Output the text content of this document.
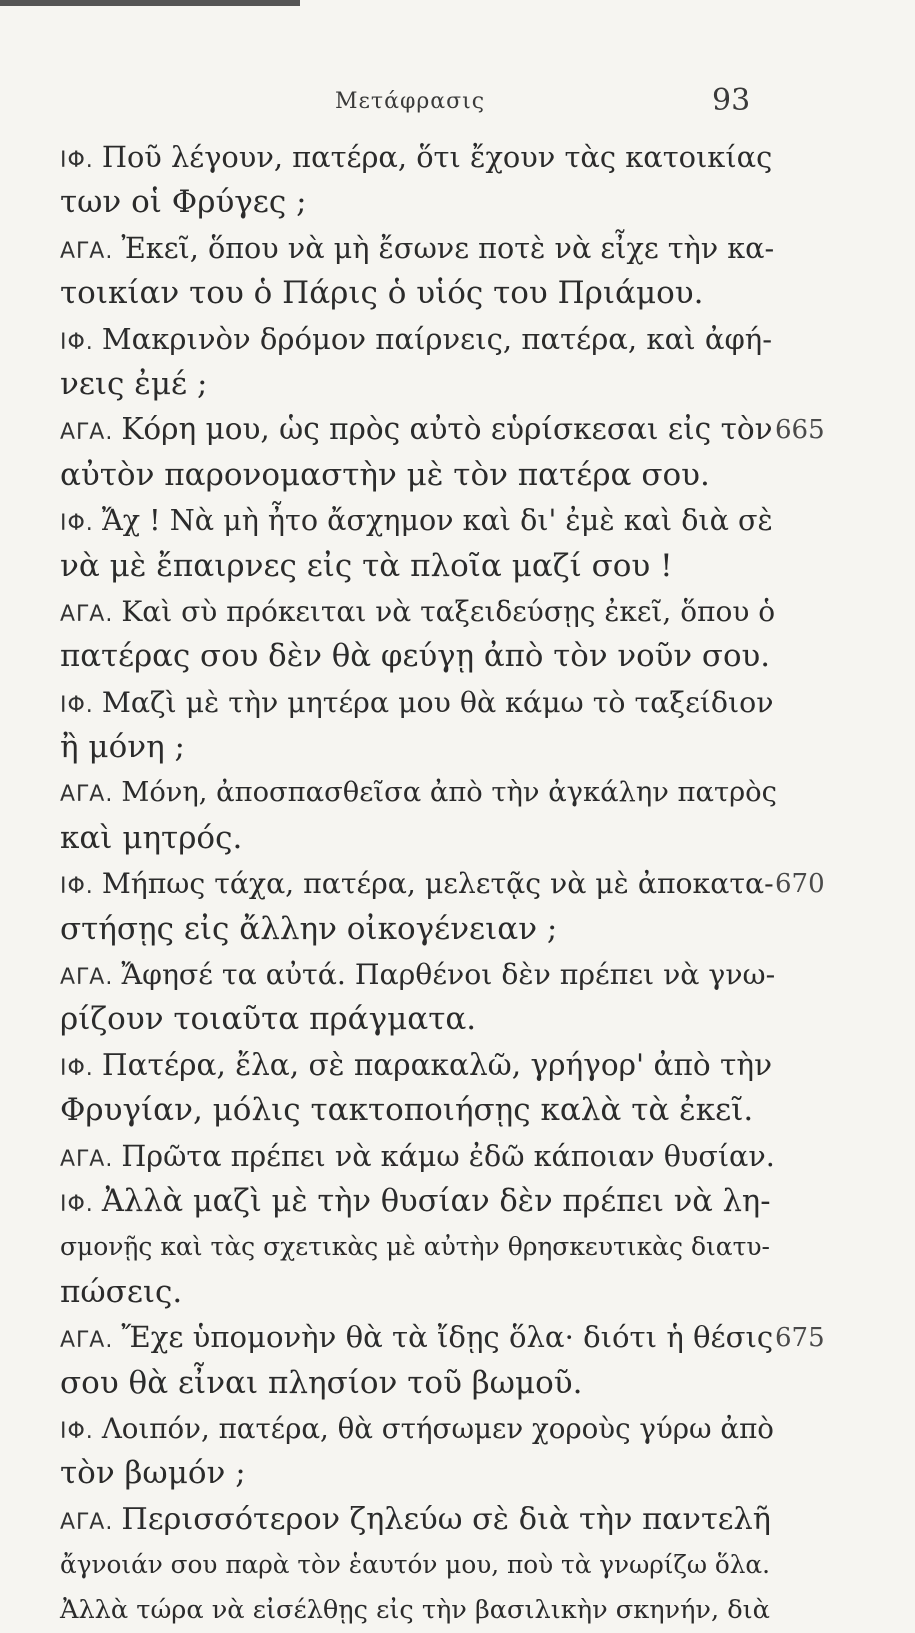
Μετάφρασις	93
ΙΦ. Ποῦ λέγουν, πατέρα, ὅτι ἔχουν τὰς κατοικίας
των οἱ Φρύγες ;
ΑΓΑ. Ἐκεῖ, ὅπου νὰ μὴ ἔσωνε ποτὲ νὰ εἶχε τὴν κα-
τοικίαν του ὁ Πάρις ὁ υἱός του Πριάμου.
ΙΦ. Μακρινὸν δρόμον παίρνεις, πατέρα, καὶ ἀφή-
νεις ἐμέ ;
ΑΓΑ. Κόρη μου, ὡς πρὸς αὐτὸ εὑρίσκεσαι εἰς τὸν
αὐτὸν παρονομαστὴν μὲ τὸν πατέρα σου.
ΙΦ. Ἄχ ! Νὰ μὴ ἦτο ἄσχημον καὶ δι' ἐμὲ καὶ διὰ σὲ
νὰ μὲ ἔπαιρνες εἰς τὰ πλοῖα μαζί σου !
ΑΓΑ. Καὶ σὺ πρόκειται νὰ ταξειδεύσῃς ἐκεῖ, ὅπου ὁ
πατέρας σου δὲν θὰ φεύγῃ ἀπὸ τὸν νοῦν σου.
ΙΦ. Μαζὶ μὲ τὴν μητέρα μου θὰ κάμω τὸ ταξείδιον
ἢ μόνη ;
ΑΓΑ. Μόνη, ἀποσπασθεῖσα ἀπὸ τὴν ἀγκάλην πατρὸς
καὶ μητρός.
ΙΦ. Μήπως τάχα, πατέρα, μελετᾷς νὰ μὲ ἀποκατα-
στήσῃς εἰς ἄλλην οἰκογένειαν ;
ΑΓΑ. Ἄφησέ τα αὐτά. Παρθένοι δὲν πρέπει νὰ γνω-
ρίζουν τοιαῦτα πράγματα.
ΙΦ. Πατέρα, ἔλα, σὲ παρακαλῶ, γρήγορ' ἀπὸ τὴν
Φρυγίαν, μόλις τακτοποιήσῃς καλὰ τὰ ἐκεῖ.
ΑΓΑ. Πρῶτα πρέπει νὰ κάμω ἐδῶ κάποιαν θυσίαν.
ΙΦ. Ἀλλὰ μαζὶ μὲ τὴν θυσίαν δὲν πρέπει νὰ λη-
σμονῇς καὶ τὰς σχετικὰς μὲ αὐτὴν θρησκευτικὰς διατυ-
πώσεις.
ΑΓΑ. Ἔχε ὑπομονὴν θὰ τὰ ἴδῃς ὅλα· διότι ἡ θέσις
σου θὰ εἶναι πλησίον τοῦ βωμοῦ.
ΙΦ. Λοιπόν, πατέρα, θὰ στήσωμεν χοροὺς γύρω ἀπὸ
τὸν βωμόν ;
ΑΓΑ. Περισσότερον ζηλεύω σὲ διὰ τὴν παντελῆ
ἄγνοιάν σου παρὰ τὸν ἑαυτόν μου, ποὺ τὰ γνωρίζω ὅλα.
Ἀλλὰ τώρα νὰ εἰσέλθῃς εἰς τὴν βασιλικὴν σκηνήν, διὰ
665
670
675
